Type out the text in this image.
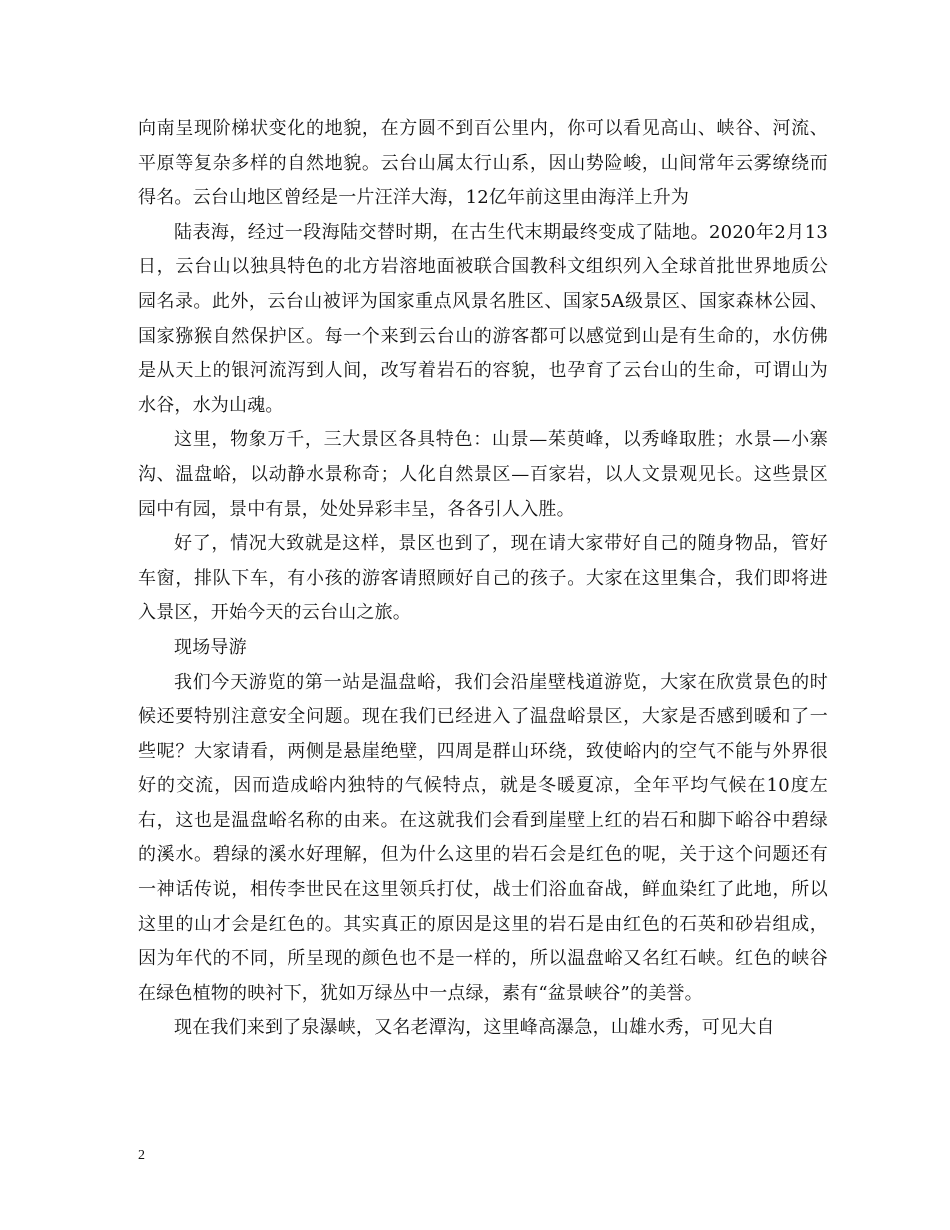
向南呈现阶梯状变化的地貌，在方圆不到百公里内，你可以看见高山、峡谷、河流、平原等复杂多样的自然地貌。云台山属太行山系，因山势险峻，山间常年云雾缭绕而得名。云台山地区曾经是一片汪洋大海，12亿年前这里由海洋上升为

陆表海，经过一段海陆交替时期，在古生代末期最终变成了陆地。2020年2月13日，云台山以独具特色的北方岩溶地面被联合国教科文组织列入全球首批世界地质公园名录。此外，云台山被评为国家重点风景名胜区、国家5A级景区、国家森林公园、国家猕猴自然保护区。每一个来到云台山的游客都可以感觉到山是有生命的，水仿佛是从天上的银河流泻到人间，改写着岩石的容貌，也孕育了云台山的生命，可谓山为水谷，水为山魂。

这里，物象万千，三大景区各具特色：山景—茱萸峰，以秀峰取胜；水景—小寨沟、温盘峪，以动静水景称奇；人化自然景区—百家岩，以人文景观见长。这些景区园中有园，景中有景，处处异彩丰呈，各各引人入胜。

好了，情况大致就是这样，景区也到了，现在请大家带好自己的随身物品，管好车窗，排队下车，有小孩的游客请照顾好自己的孩子。大家在这里集合，我们即将进入景区，开始今天的云台山之旅。

现场导游

我们今天游览的第一站是温盘峪，我们会沿崖壁栈道游览，大家在欣赏景色的时候还要特别注意安全问题。现在我们已经进入了温盘峪景区，大家是否感到暖和了一些呢？大家请看，两侧是悬崖绝壁，四周是群山环绕，致使峪内的空气不能与外界很好的交流，因而造成峪内独特的气候特点，就是冬暖夏凉，全年平均气候在10度左右，这也是温盘峪名称的由来。在这就我们会看到崖壁上红的岩石和脚下峪谷中碧绿的溪水。碧绿的溪水好理解，但为什么这里的岩石会是红色的呢，关于这个问题还有一神话传说，相传李世民在这里领兵打仗，战士们浴血奋战，鲜血染红了此地，所以这里的山才会是红色的。其实真正的原因是这里的岩石是由红色的石英和砂岩组成，因为年代的不同，所呈现的颜色也不是一样的，所以温盘峪又名红石峡。红色的峡谷在绿色植物的映衬下，犹如万绿丛中一点绿，素有“盆景峡谷”的美誉。

现在我们来到了泉瀑峡，又名老潭沟，这里峰高瀑急，山雄水秀，可见大自

2
